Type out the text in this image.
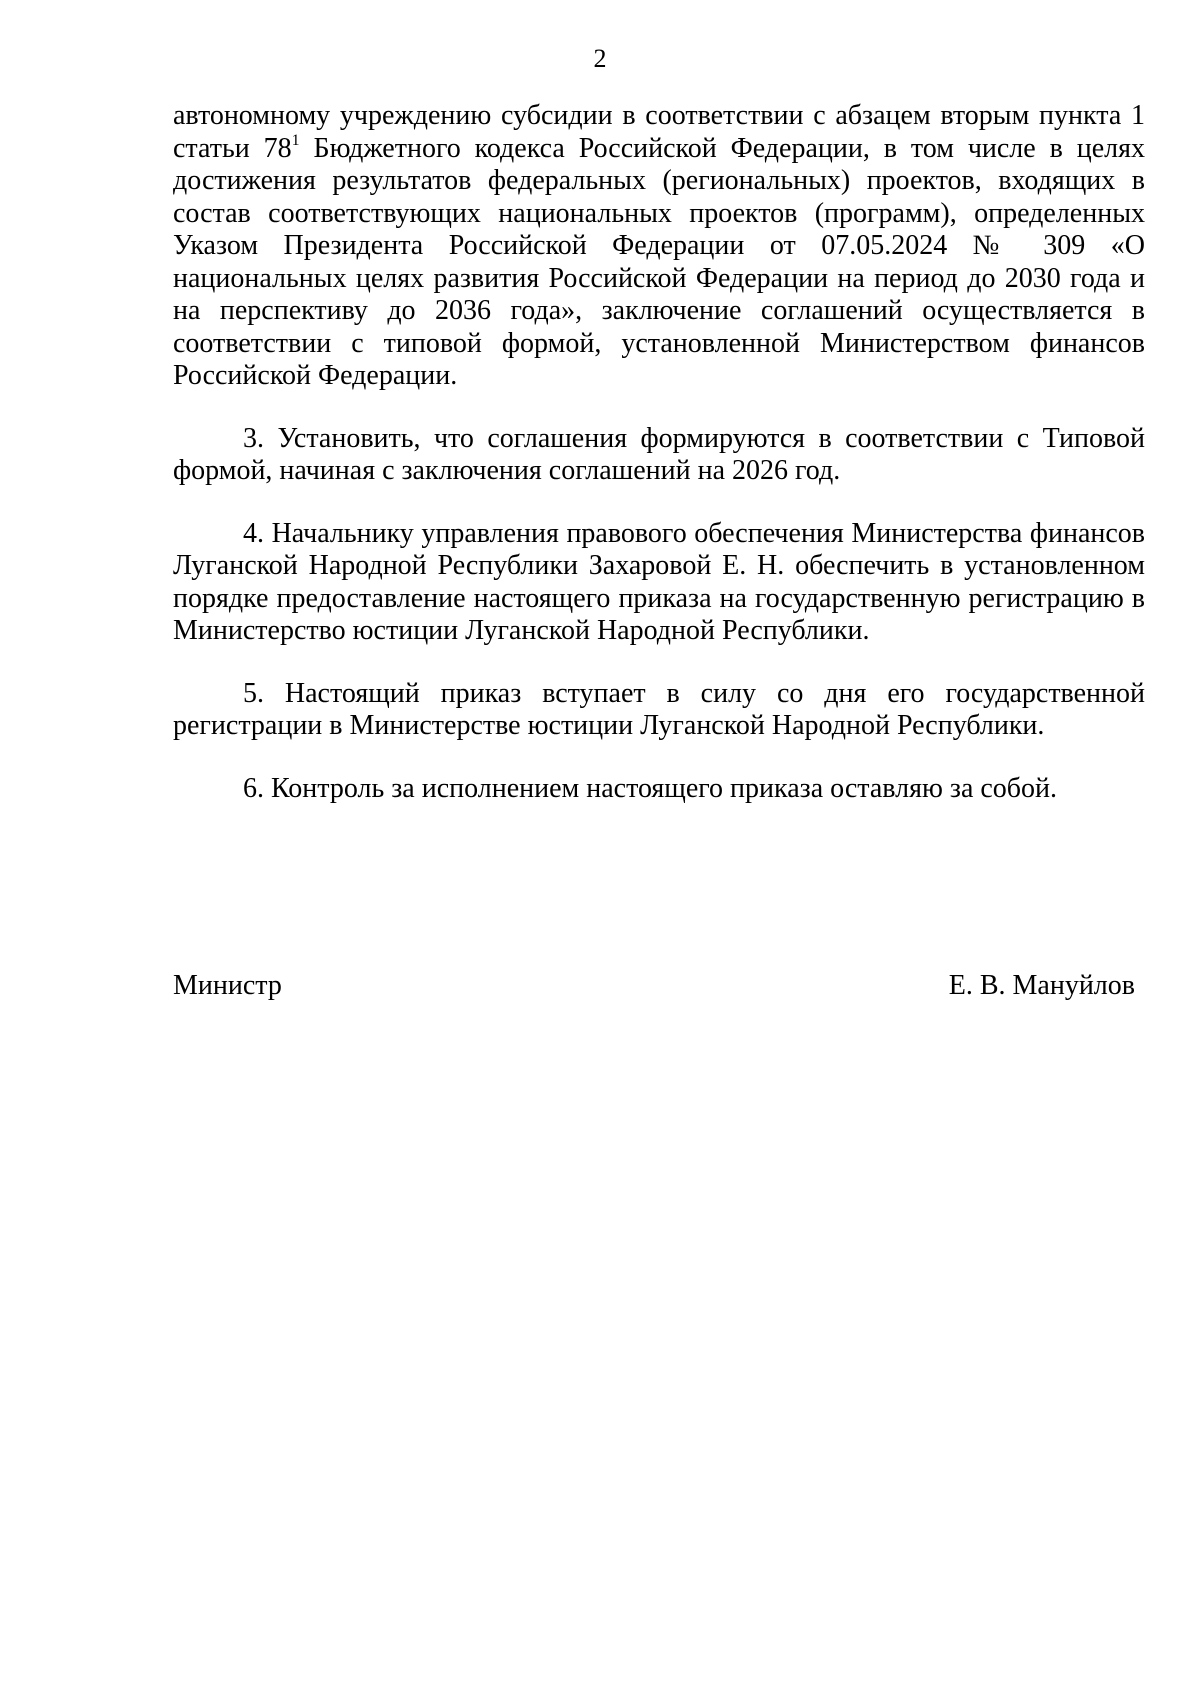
2

автономному учреждению субсидии в соответствии с абзацем вторым пункта 1 статьи $78^1$ Бюджетного кодекса Российской Федерации, в том числе в целях достижения результатов федеральных (региональных) проектов, входящих в состав соответствующих национальных проектов (программ), определенных Указом Президента Российской Федерации от 07.05.2024 № 309 «О национальных целях развития Российской Федерации на период до 2030 года и на перспективу до 2036 года», заключение соглашений осуществляется в соответствии с типовой формой, установленной Министерством финансов Российской Федерации.

3. Установить, что соглашения формируются в соответствии с Типовой формой, начиная с заключения соглашений на 2026 год.

4. Начальнику управления правового обеспечения Министерства финансов Луганской Народной Республики Захаровой Е. Н. обеспечить в установленном порядке предоставление настоящего приказа на государственную регистрацию в Министерство юстиции Луганской Народной Республики.

5. Настоящий приказ вступает в силу со дня его государственной регистрации в Министерстве юстиции Луганской Народной Республики.

6. Контроль за исполнением настоящего приказа оставляю за собой.

Министр	Е. В. Мануйлов
